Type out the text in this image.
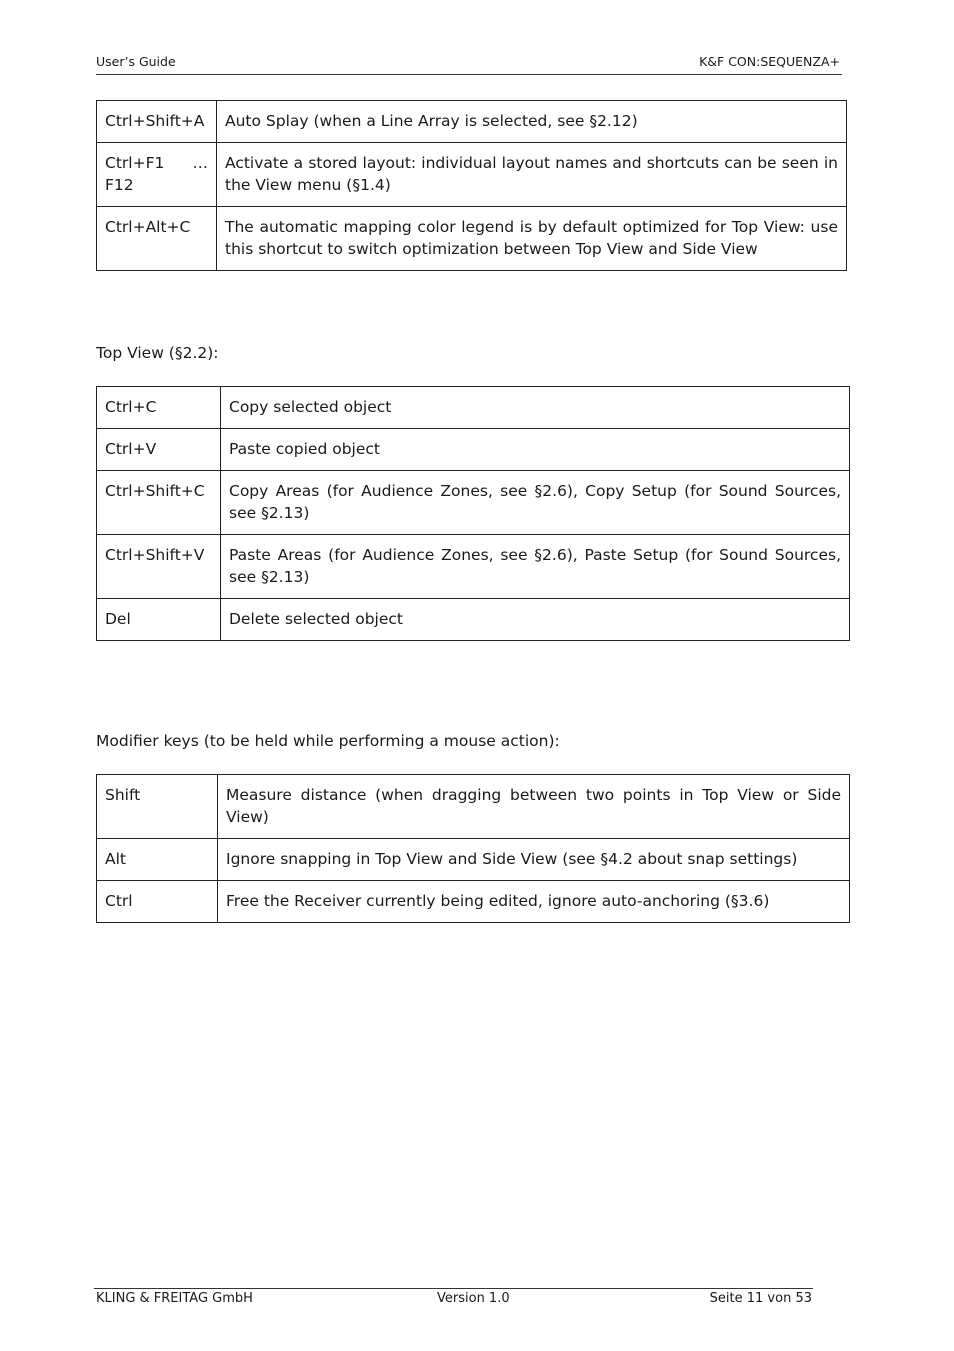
User’s Guide	K&F CON:SEQUENZA+
Ctrl+Shift+A	Auto Splay (when a Line Array is selected, see §2.12)

Ctrl+F1 …
F12	Activate a stored layout: individual layout names and shortcuts can be seen in the View menu (§1.4)
Ctrl+Alt+C	The automatic mapping color legend is by default optimized for Top View: use this shortcut to switch optimization between Top View and Side View
Top View (§2.2):
Ctrl+C	Copy selected object
Ctrl+V	Paste copied object
Ctrl+Shift+C	Copy Areas (for Audience Zones, see §2.6), Copy Setup (for Sound Sources, see §2.13)
Ctrl+Shift+V	Paste Areas (for Audience Zones, see §2.6), Paste Setup (for Sound Sources, see §2.13)
Del	Delete selected object
Modifier keys (to be held while performing a mouse action):
Shift	Measure distance (when dragging between two points in Top View or Side View)
Alt	Ignore snapping in Top View and Side View (see §4.2 about snap settings)
Ctrl	Free the Receiver currently being edited, ignore auto-anchoring (§3.6)
KLING & FREITAG GmbH	Version 1.0	Seite 11 von 53
